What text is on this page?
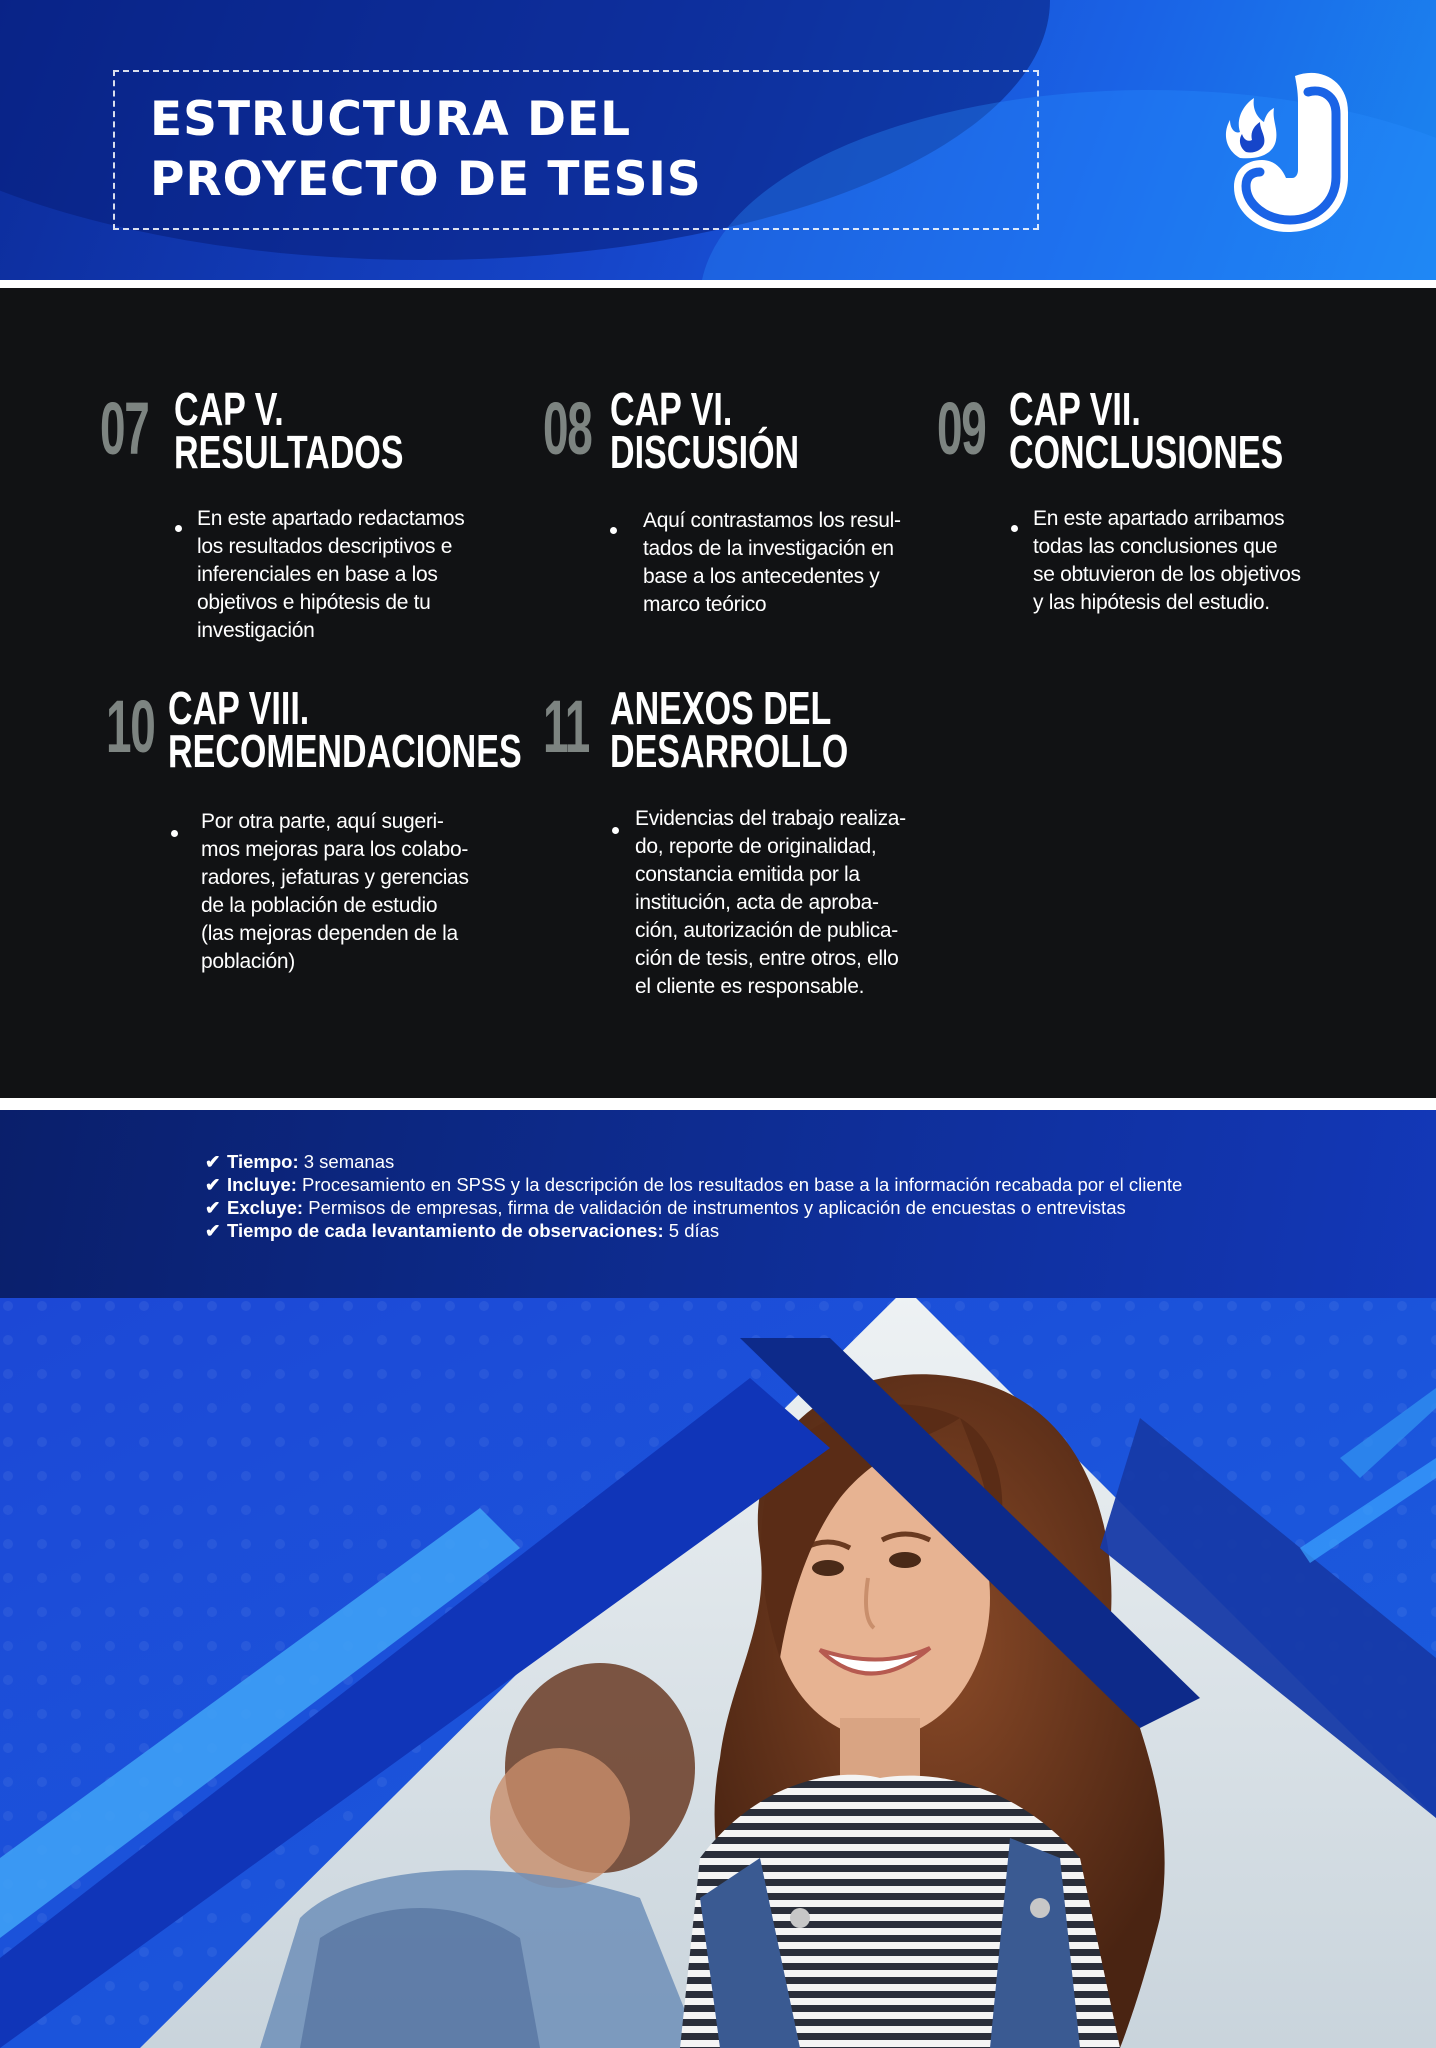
ESTRUCTURA DEL
PROYECTO DE TESIS
07 CAP V.
RESULTADOS
En este apartado redactamos
los resultados descriptivos e
inferenciales en base a los
objetivos e hipótesis de tu
investigación
08 CAP VI.
DISCUSIÓN
Aquí contrastamos los resul-
tados de la investigación en
base a los antecedentes y
marco teórico
09 CAP VII.
CONCLUSIONES
En este apartado arribamos
todas las conclusiones que
se obtuvieron de los objetivos
y las hipótesis del estudio.
10 CAP VIII.
RECOMENDACIONES
Por otra parte, aquí sugeri-
mos mejoras para los colabo-
radores, jefaturas y gerencias
de la población de estudio
(las mejoras dependen de la
población)
11 ANEXOS DEL
DESARROLLO
Evidencias del trabajo realiza-
do, reporte de originalidad,
constancia emitida por la
institución, acta de aproba-
ción, autorización de publica-
ción de tesis, entre otros, ello
el cliente es responsable.
✔ Tiempo: 3 semanas
✔ Incluye: Procesamiento en SPSS y la descripción de los resultados en base a la información recabada por el cliente
✔ Excluye: Permisos de empresas, firma de validación de instrumentos y aplicación de encuestas o entrevistas
✔ Tiempo de cada levantamiento de observaciones: 5 días
